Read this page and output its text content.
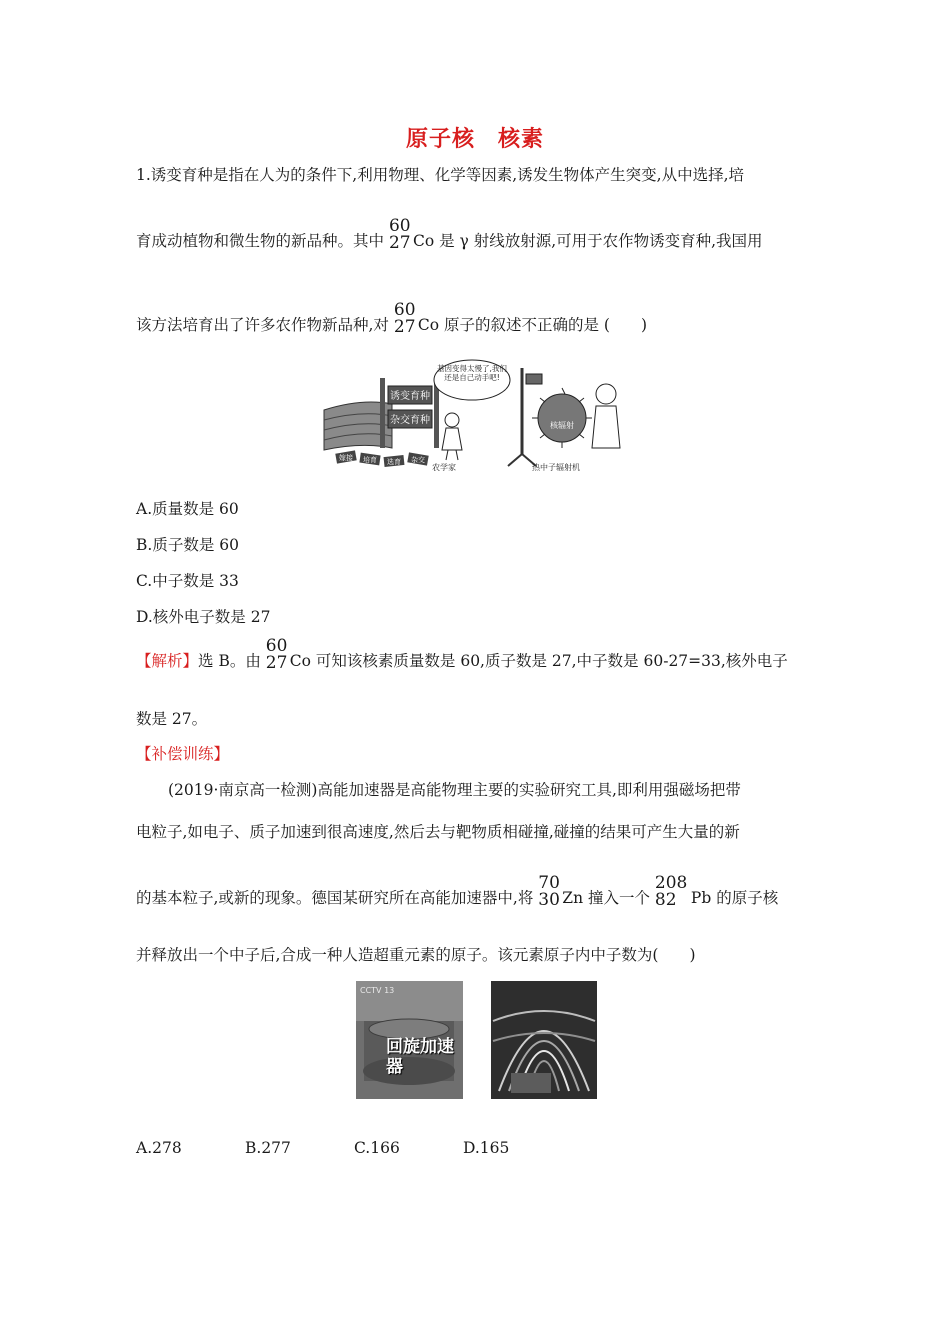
原子核　核素
1.诱变育种是指在人为的条件下,利用物理、化学等因素,诱发生物体产生突变,从中选择,培
育成动植物和微生物的新品种。其中
60
27 Co 是 γ 射线放射源,可用于农作物诱变育种,我国用
该方法培育出了许多农作物新品种,对
60
27 Co 原子的叙述不正确的是 (　　)
诱变育种
杂交育种
嫁接 培育 选育 杂交
农学家
基因变得太慢了,我们还是自己动手吧!
核辐射
热中子辐射机
A.质量数是 60
B.质子数是 60
C.中子数是 33
D.核外电子数是 27
【解析】选 B。由
60
27 Co 可知该核素质量数是 60,质子数是 27,中子数是 60-27=33,核外电子
数是 27。
【补偿训练】
(2019·南京高一检测)高能加速器是高能物理主要的实验研究工具,即利用强磁场把带
电粒子,如电子、质子加速到很高速度,然后去与靶物质相碰撞,碰撞的结果可产生大量的新
的基本粒子,或新的现象。德国某研究所在高能加速器中,将
70
30 Zn 撞入一个
208
82 Pb 的原子核
并释放出一个中子后,合成一种人造超重元素的原子。该元素原子内中子数为(　　)
CCTV 13
回旋加速器
A.278	B.277	C.166	D.165
